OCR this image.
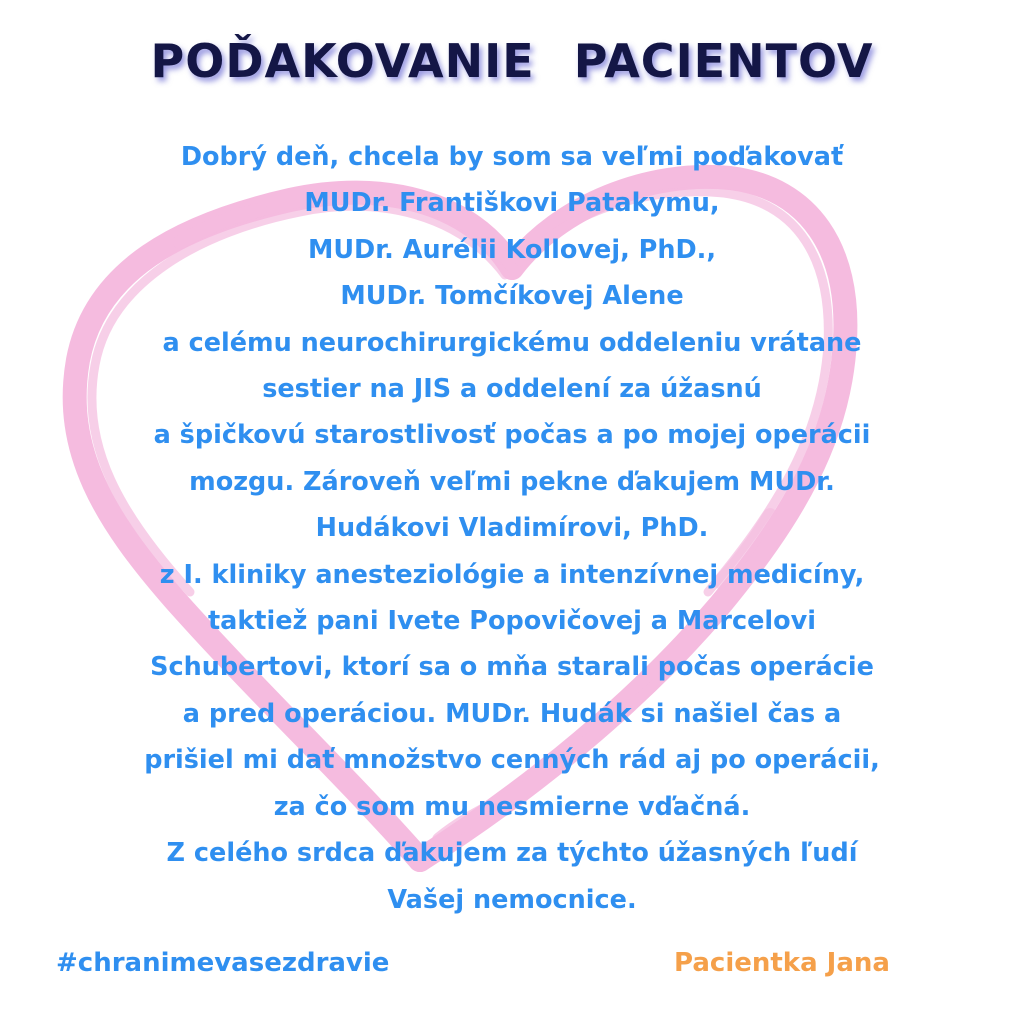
POĎAKOVANIE PACIENTOV
Dobrý deň, chcela by som sa veľmi poďakovať
MUDr. Františkovi Patakymu,
MUDr. Aurélii Kollovej, PhD.,
MUDr. Tomčíkovej Alene
a celému neurochirurgickému oddeleniu vrátane
sestier na JIS a oddelení za úžasnú
a špičkovú starostlivosť počas a po mojej operácii
mozgu. Zároveň veľmi pekne ďakujem MUDr.
Hudákovi Vladimírovi, PhD.
z I. kliniky anesteziológie a intenzívnej medicíny,
taktiež pani Ivete Popovičovej a Marcelovi
Schubertovi, ktorí sa o mňa starali počas operácie
a pred operáciou. MUDr. Hudák si našiel čas a
prišiel mi dať množstvo cenných rád aj po operácii,
za čo som mu nesmierne vďačná.
Z celého srdca ďakujem za týchto úžasných ľudí
Vašej nemocnice.
#chranimevasezdravie	Pacientka Jana
